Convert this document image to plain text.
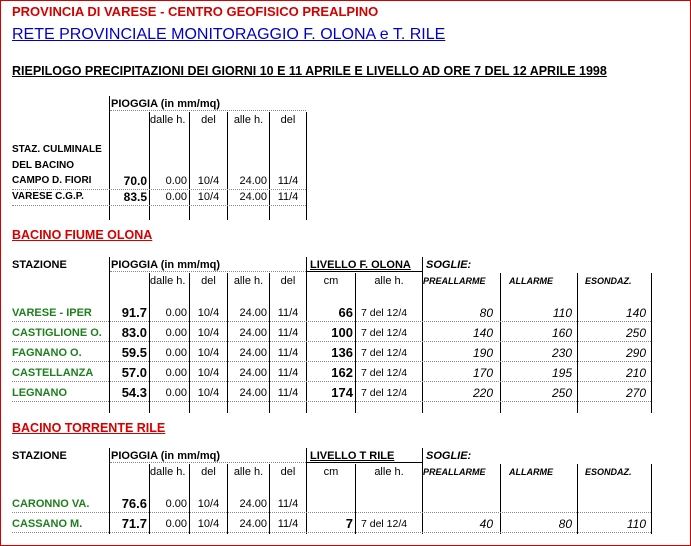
PROVINCIA DI VARESE - CENTRO GEOFISICO PREALPINO
RETE PROVINCIALE MONITORAGGIO F. OLONA e T. RILE
RIEPILOGO PRECIPITAZIONI DEI GIORNI 10 E 11 APRILE E LIVELLO AD ORE 7 DEL 12 APRILE 1998
PIOGGIA (in mm/mq)
dalle h.	del	alle h.	del
STAZ. CULMINALE
DEL BACINO
CAMPO D. FIORI	70.0	0.00 10/4	24.00 11/4
VARESE C.G.P.	83.5	0.00 10/4	24.00 11/4
BACINO FIUME OLONA
STAZIONE	PIOGGIA (in mm/mq)	LIVELLO F. OLONA SOGLIE:
dalle h.	del	alle h.	del	cm	alle h.	PREALLARME	ALLARME	ESONDAZ.
VARESE - IPER	91.7	0.00 10/4	24.00 11/4	66 7 del 12/4	80	110	140
CASTIGLIONE O.	83.0	0.00 10/4	24.00 11/4	100 7 del 12/4	140	160	250
FAGNANO O.	59.5	0.00 10/4	24.00 11/4	136 7 del 12/4	190	230	290
CASTELLANZA	57.0	0.00 10/4	24.00 11/4	162 7 del 12/4	170	195	210
LEGNANO	54.3	0.00 10/4	24.00 11/4	174 7 del 12/4	220	250	270
BACINO TORRENTE RILE
STAZIONE	PIOGGIA (in mm/mq)	LIVELLO T RILE	SOGLIE:
dalle h.	del	alle h.	del	cm	alle h.	PREALLARME	ALLARME	ESONDAZ.
CARONNO VA.	76.6	0.00 10/4	24.00 11/4
CASSANO M.	71.7	0.00 10/4	24.00 11/4	7 7 del 12/4	40	80	110
